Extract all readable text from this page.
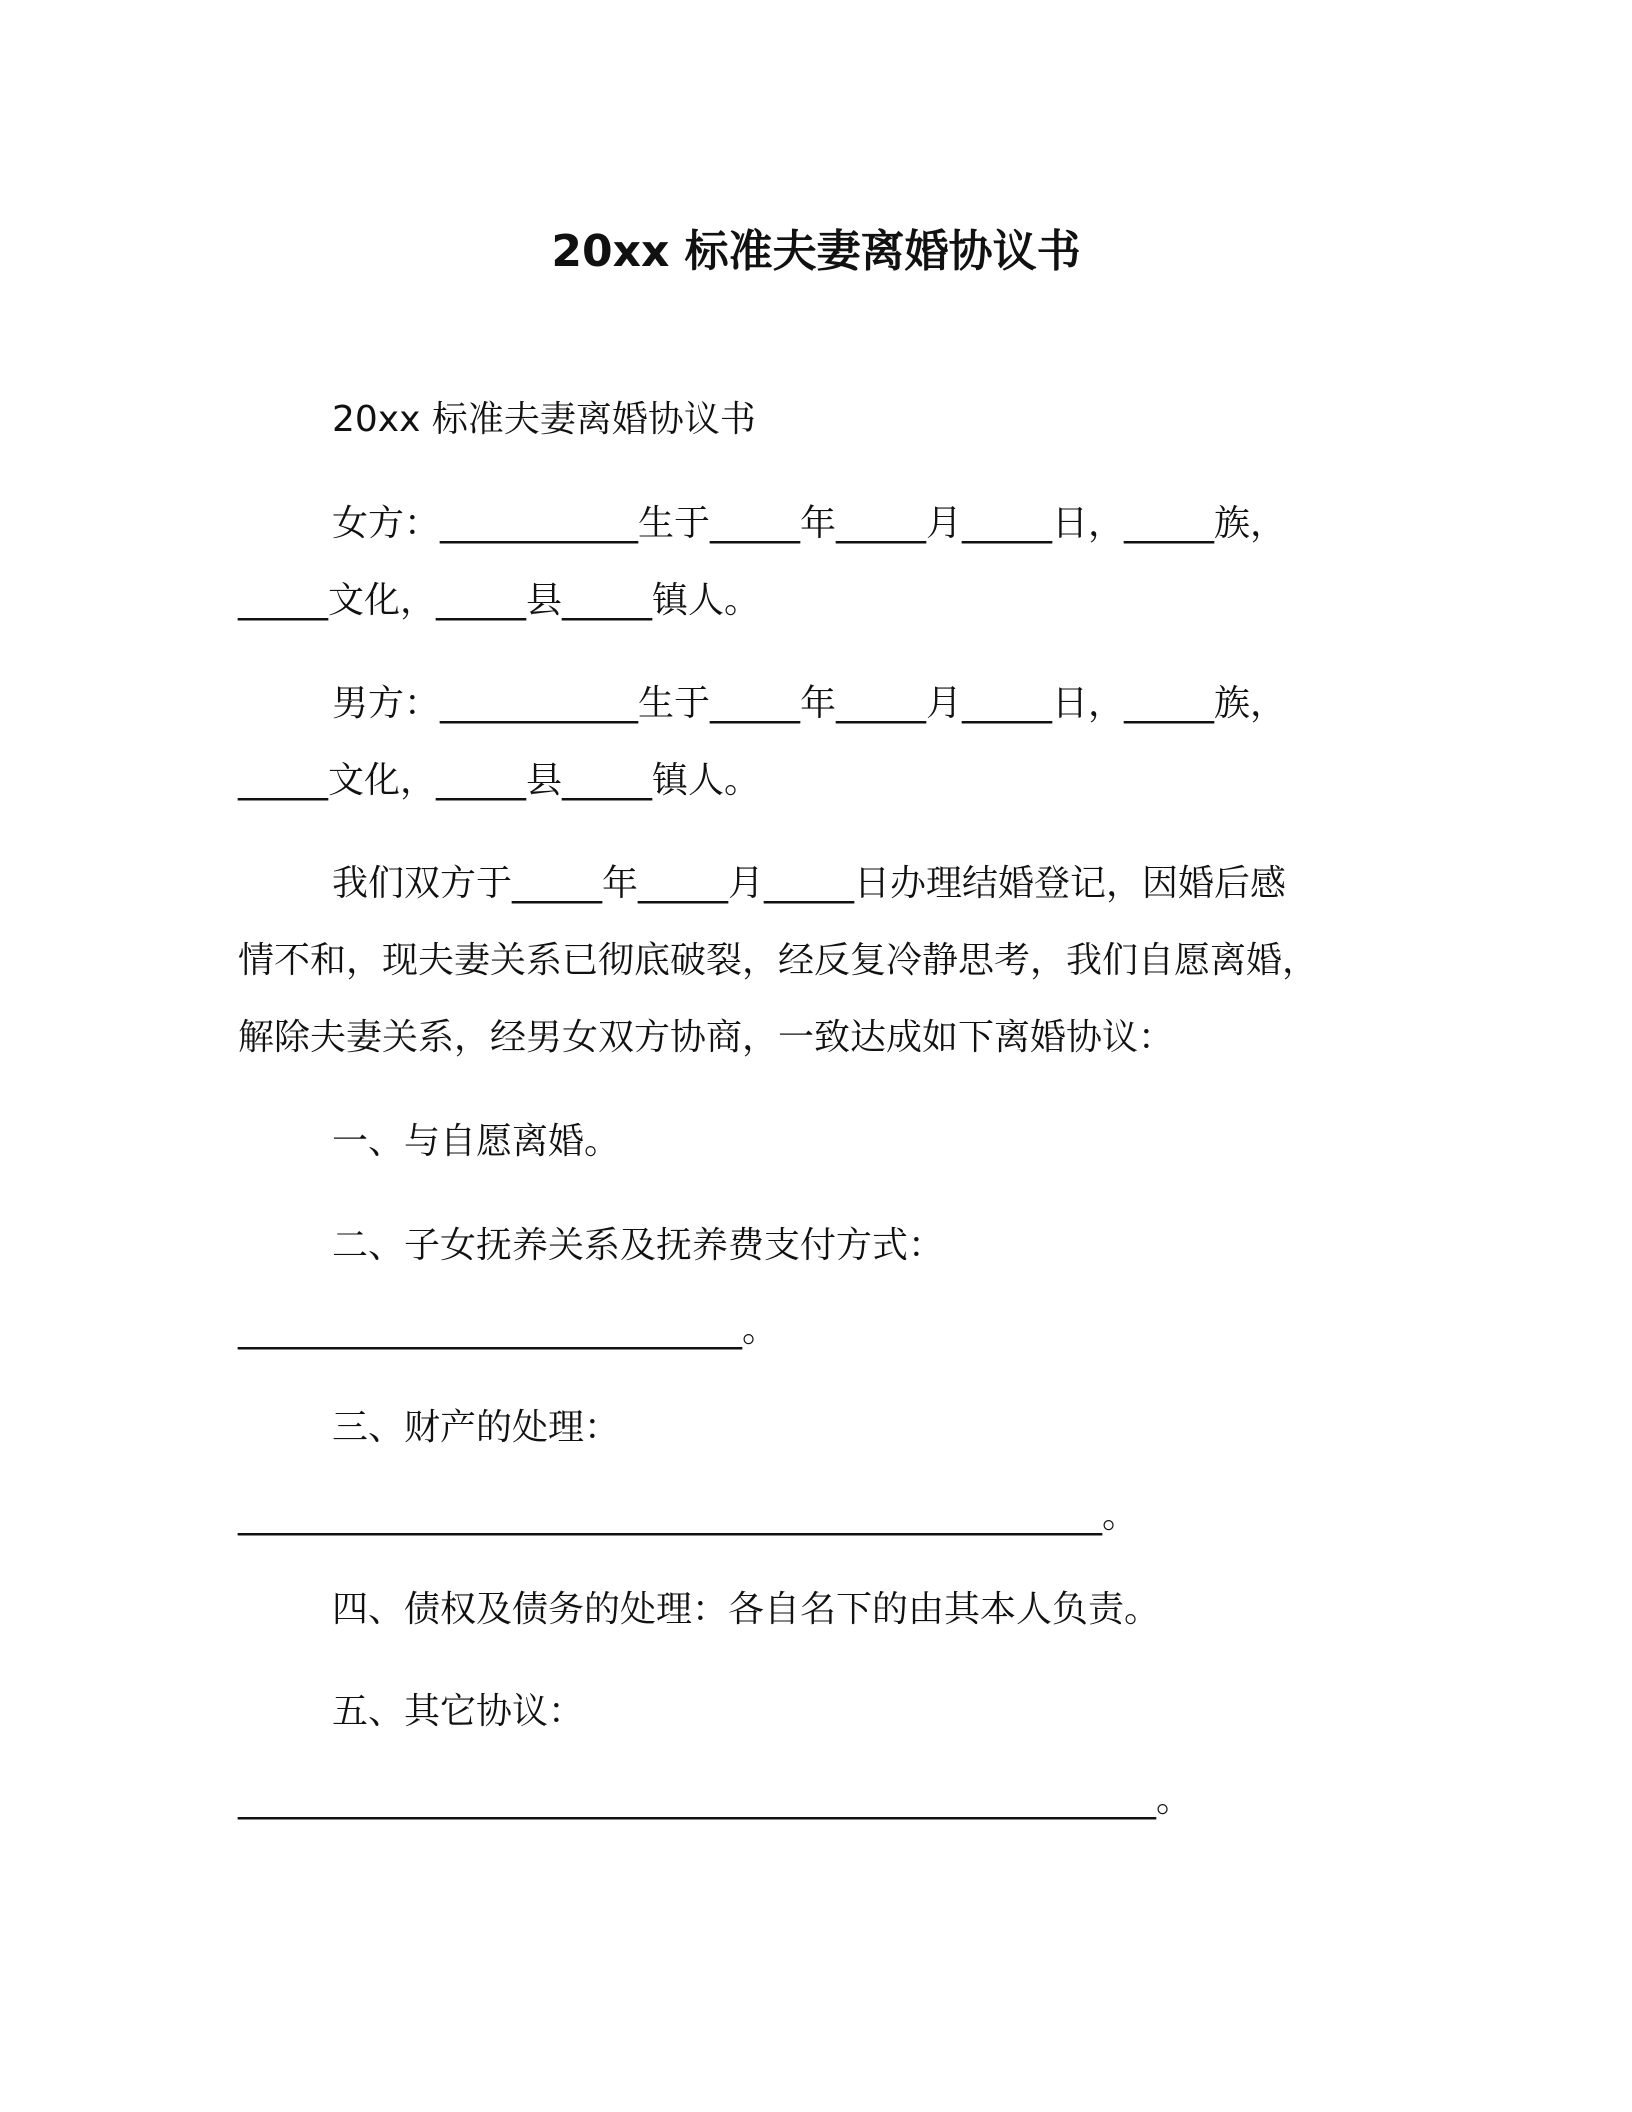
20xx 标准夫妻离婚协议书
20xx 标准夫妻离婚协议书
女方：___________生于_____年_____月_____日，_____族，
_____文化，_____县_____镇人。
男方：___________生于_____年_____月_____日，_____族，
_____文化，_____县_____镇人。
我们双方于_____年_____月_____日办理结婚登记，因婚后感
情不和，现夫妻关系已彻底破裂，经反复冷静思考，我们自愿离婚，
解除夫妻关系，经男女双方协商，一致达成如下离婚协议：
一、与自愿离婚。
二、子女抚养关系及抚养费支付方式：
____________________________。
三、财产的处理：
________________________________________________。
四、债权及债务的处理：各自名下的由其本人负责。
五、其它协议：
___________________________________________________。
